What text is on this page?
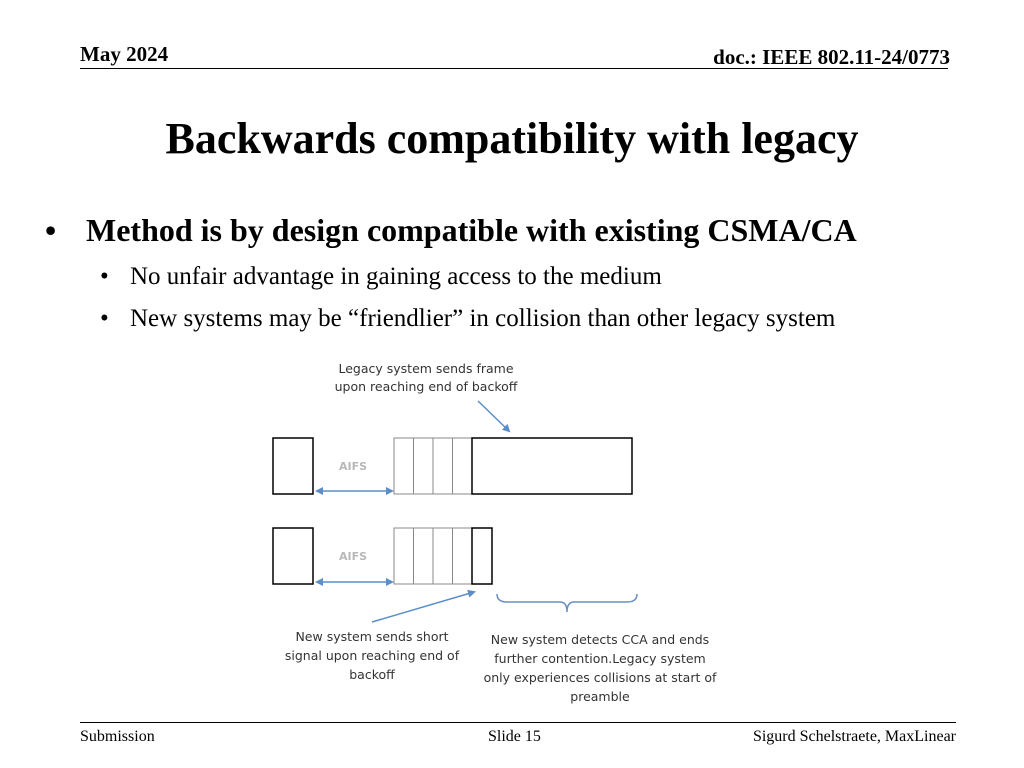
May 2024	doc.: IEEE 802.11-24/0773
Backwards compatibility with legacy
• Method is by design compatible with existing CSMA/CA
• No unfair advantage in gaining access to the medium
• New systems may be “friendlier” in collision than other legacy system
Legacy system sends frame
upon reaching end of backoff
AIFS
AIFS
New system sends short
signal upon reaching end of
backoff
New system detects CCA and ends
further contention.Legacy system
only experiences collisions at start of
preamble
Submission	Slide 15	Sigurd Schelstraete, MaxLinear
